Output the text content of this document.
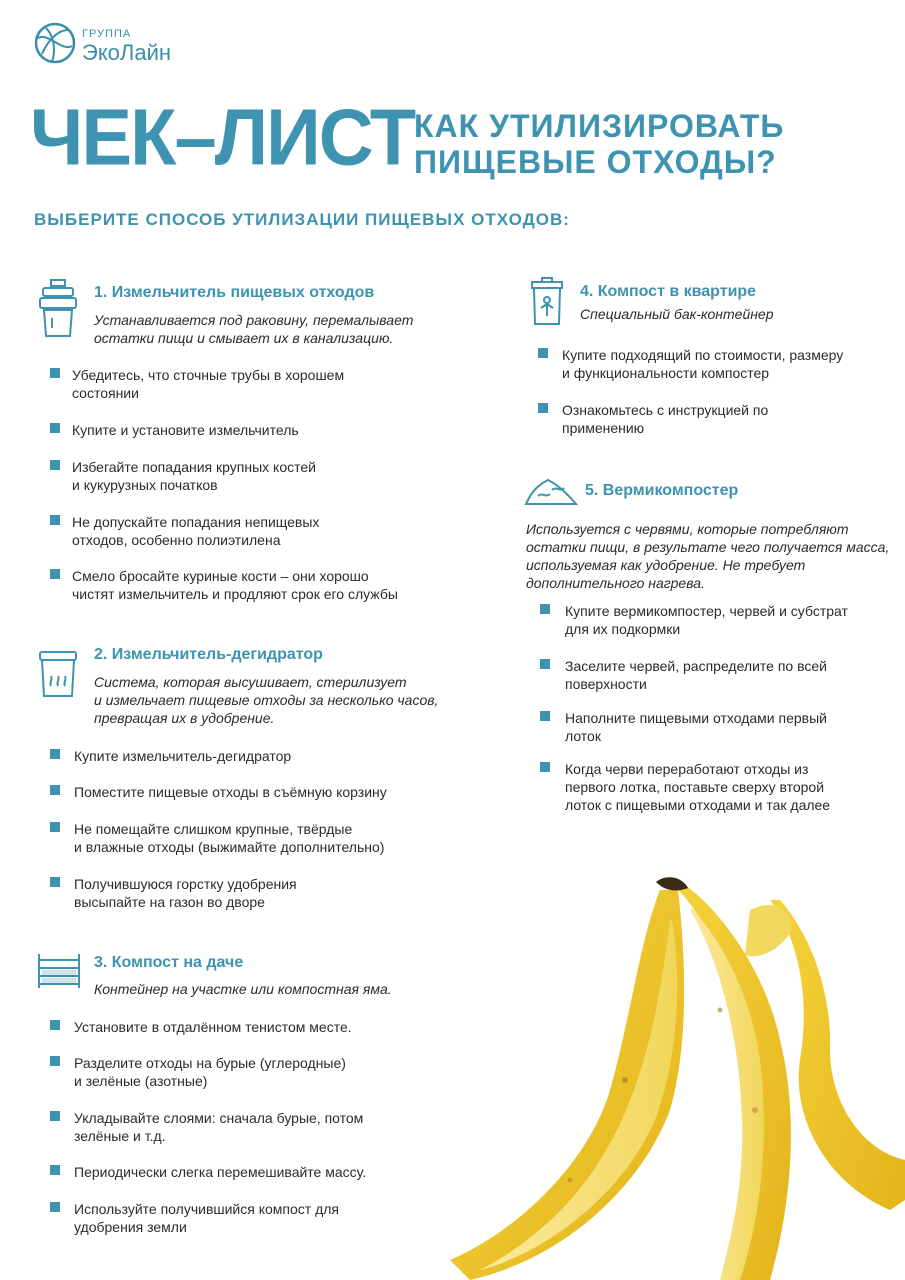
ГРУППА
ЭкоЛайн
ЧЕК–ЛИСТ КАК УТИЛИЗИРОВАТЬ
ПИЩЕВЫЕ ОТХОДЫ?
ВЫБЕРИТЕ СПОСОБ УТИЛИЗАЦИИ ПИЩЕВЫХ ОТХОДОВ:
1. Измельчитель пищевых отходов
Устанавливается под раковину, перемалывает
остатки пищи и смывает их в канализацию.
Убедитесь, что сточные трубы в хорошем
состоянии
Купите и установите измельчитель
Избегайте попадания крупных костей
и кукурузных початков
Не допускайте попадания непищевых
отходов, особенно полиэтилена
Смело бросайте куриные кости – они хорошо
чистят измельчитель и продляют срок его службы
2. Измельчитель-дегидратор
Система, которая высушивает, стерилизует
и измельчает пищевые отходы за несколько часов,
превращая их в удобрение.
Купите измельчитель-дегидратор
Поместите пищевые отходы в съёмную корзину
Не помещайте слишком крупные, твёрдые
и влажные отходы (выжимайте дополнительно)
Получившуюся горстку удобрения
высыпайте на газон во дворе
3. Компост на даче
Контейнер на участке или компостная яма.
Установите в отдалённом тенистом месте.
Разделите отходы на бурые (углеродные)
и зелёные (азотные)
Укладывайте слоями: сначала бурые, потом
зелёные и т.д.
Периодически слегка перемешивайте массу.
Используйте получившийся компост для
удобрения земли
4. Компост в квартире
Специальный бак-контейнер
Купите подходящий по стоимости, размеру
и функциональности компостер
Ознакомьтесь с инструкцией по
применению
5. Вермикомпостер
Используется с червями, которые потребляют
остатки пищи, в результате чего получается масса,
используемая как удобрение. Не требует
дополнительного нагрева.
Купите вермикомпостер, червей и субстрат
для их подкормки
Заселите червей, распределите по всей
поверхности
Наполните пищевыми отходами первый
лоток
Когда черви переработают отходы из
первого лотка, поставьте сверху второй
лоток с пищевыми отходами и так далее
